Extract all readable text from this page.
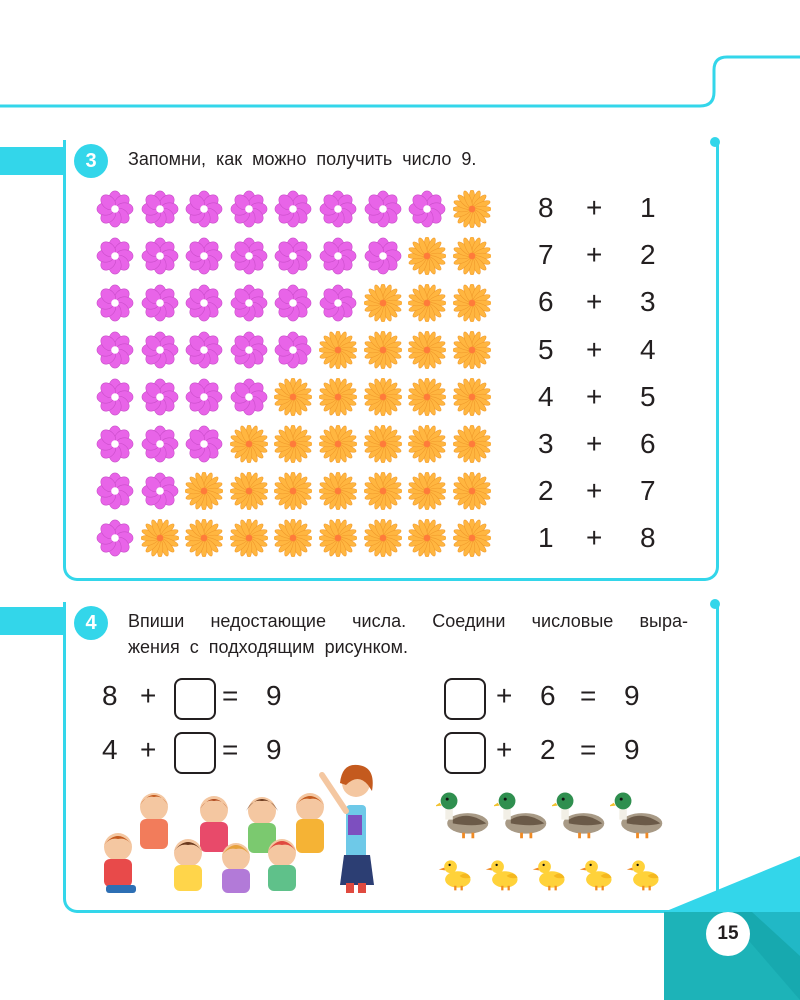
3	Запомни, как можно получить число 9.
8 + 1
7 + 2
6 + 3
5 + 4
4 + 5
3 + 6
2 + 7
1 + 8
4	Впиши недостающие числа. Соедини числовые выра-
жения с подходящим рисунком.
8 + = 9
4 + = 9
+ 6 = 9
+ 2 = 9
15
